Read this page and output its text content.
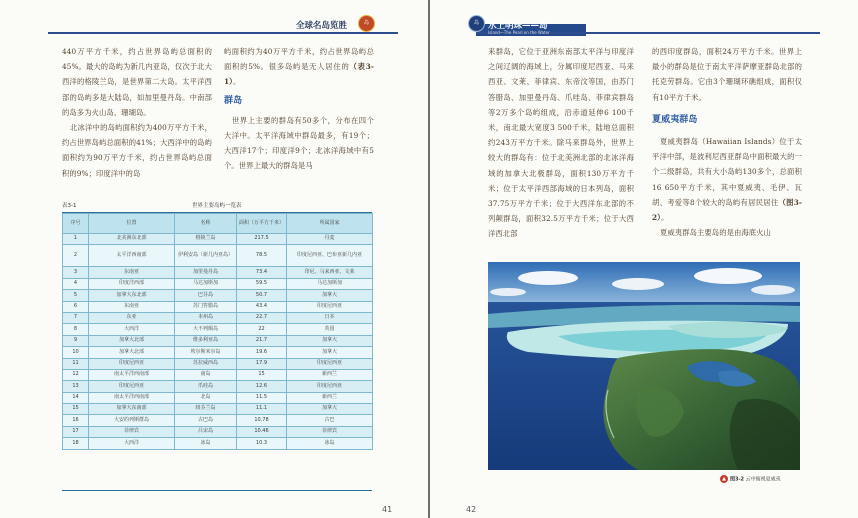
全球名岛览胜	岛

440万平方千米，约占世界岛屿总面积的45%。最大的岛屿为新几内亚岛，仅次于北大西洋的格陵兰岛，是世界第二大岛。太平洋西部的岛屿多是大陆岛，如加里曼丹岛。中南部的岛多为火山岛、珊瑚岛。

北冰洋中的岛屿面积约为400万平方千米，约占世界岛屿总面积的41%；大西洋中的岛屿面积约为90万平方千米，约占世界岛屿总面积的9%；印度洋中的岛

屿面积约为40万平方千米，约占世界岛屿总面积的5%。很多岛屿是无人居住的（表3-1）。

群岛

世界上主要的群岛有50多个，分布在四个大洋中。太平洋海域中群岛最多，有19个；大西洋17个；印度洋9个；北冰洋海域中有5个。世界上最大的群岛是马

表3-1	世界主要岛屿一览表
序号	位置	名称	面积（万平方千米）	所属国家
1	北美洲东北部	格陵兰岛	217.5	丹麦
2	太平洋西南部	伊利安岛（新几内亚岛）	78.5	印度尼西亚、巴布亚新几内亚
3	东南亚	加里曼丹岛	73.4	印尼、马来西亚、文莱
4	印度洋西部	马达加斯加	59.5	马达加斯加
5	加拿大东北部	巴芬岛	50.7	加拿大
6	东南亚	苏门答腊岛	43.4	印度尼西亚
7	东亚	本州岛	22.7	日本
8	大西洋	大不列颠岛	22	英国
9	加拿大北部	维多利亚岛	21.7	加拿大
10	加拿大北部	埃尔斯米尔岛	19.6	加拿大
11	印度尼西亚	苏拉威西岛	17.9	印度尼西亚
12	南太平洋西南部	南岛	15	新西兰
13	印度尼西亚	爪哇岛	12.6	印度尼西亚
14	南太平洋西南部	北岛	11.5	新西兰
15	加拿大东南部	纽芬兰岛	11.1	加拿大
16	大安的列斯群岛	古巴岛	10.78	古巴
17	菲律宾	吕宋岛	10.46	菲律宾
18	大西洋	冰岛	10.3	冰岛
41
岛	水上明珠——岛
Island—The Pearl on the Water

来群岛，它位于亚洲东南部太平洋与印度洋之间辽阔的海域上，分属印度尼西亚、马来西亚、文莱、菲律宾、东帝汶等国，由苏门答腊岛、加里曼丹岛、爪哇岛、菲律宾群岛等2万多个岛屿组成，沿赤道延伸6 100千米，南北最大宽度3 500千米，陆地总面积约243万平方千米。除马来群岛外，世界上较大的群岛有：位于北美洲北部的北冰洋海域的加拿大北极群岛，面积130万平方千米；位于太平洋西部海域的日本列岛，面积37.75万平方千米；位于大西洋东北部的不列颠群岛，面积32.5万平方千米；位于大西洋西北部

的西印度群岛，面积24万平方千米。世界上最小的群岛是位于南太平洋萨摩亚群岛北部的托克劳群岛。它由3个珊瑚环礁组成，面积仅有10平方千米。

夏威夷群岛

夏威夷群岛（Hawaiian Islands）位于太平洋中部，是波利尼西亚群岛中面积最大的一个二级群岛，共有大小岛屿130多个，总面积16 650平方千米，其中夏威夷、毛伊、瓦胡、考爱等8个较大的岛屿有居民居住（图3-2）。

夏威夷群岛主要岛的是由海底火山

▲ 图3-2 云中俯视夏威夷
42
